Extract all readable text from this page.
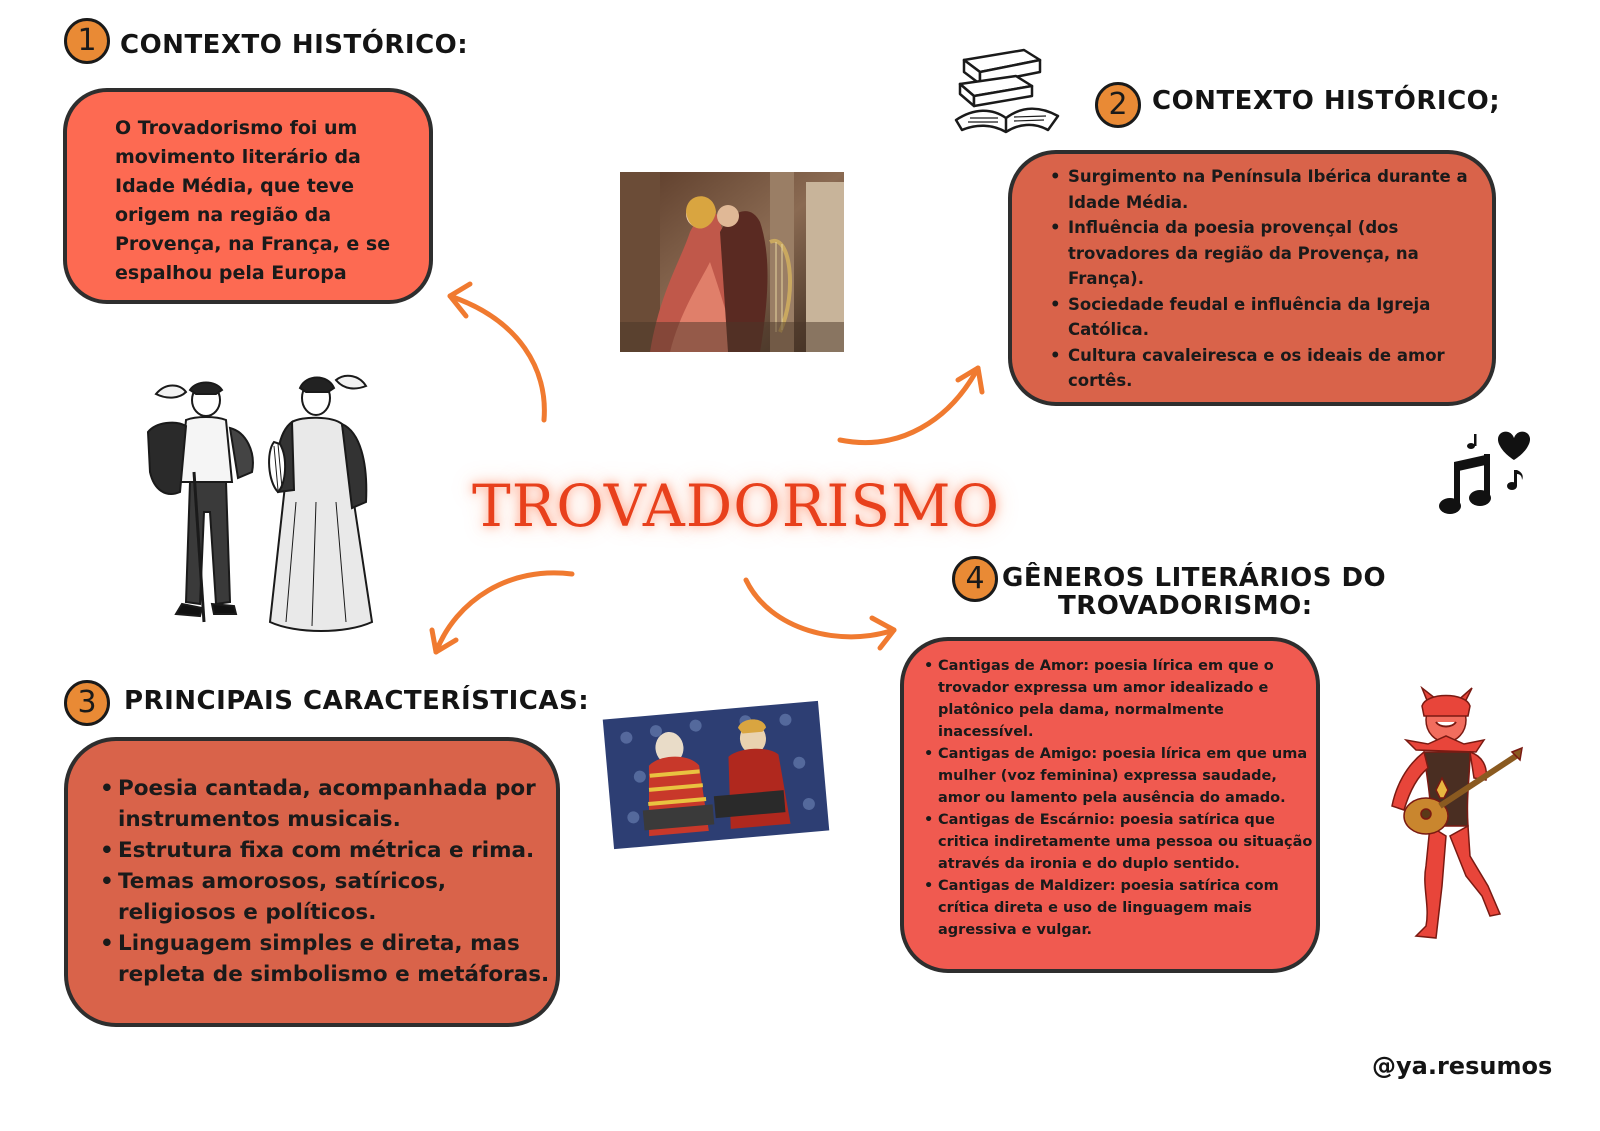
1 CONTEXTO HISTÓRICO:

O Trovadorismo foi um movimento literário da Idade Média, que teve origem na região da Provença, na França, e se espalhou pela Europa

2 CONTEXTO HISTÓRICO;
• Surgimento na Península Ibérica durante a Idade Média.
• Influência da poesia provençal (dos trovadores da região da Provença, na França).
• Sociedade feudal e influência da Igreja Católica.
• Cultura cavaleiresca e os ideais de amor cortês.
TROVADORISMO
3	PRINCIPAIS CARACTERÍSTICAS:
• Poesia cantada, acompanhada por instrumentos musicais.
• Estrutura fixa com métrica e rima.
• Temas amorosos, satíricos, religiosos e políticos.
• Linguagem simples e direta, mas repleta de simbolismo e metáforas.
4 GÊNEROS LITERÁRIOS DO
TROVADORISMO:
• Cantigas de Amor: poesia lírica em que o trovador expressa um amor idealizado e platônico pela dama, normalmente inacessível.
• Cantigas de Amigo: poesia lírica em que uma mulher (voz feminina) expressa saudade, amor ou lamento pela ausência do amado.
• Cantigas de Escárnio: poesia satírica que critica indiretamente uma pessoa ou situação através da ironia e do duplo sentido.
• Cantigas de Maldizer: poesia satírica com crítica direta e uso de linguagem mais agressiva e vulgar.
@ya.resumos
